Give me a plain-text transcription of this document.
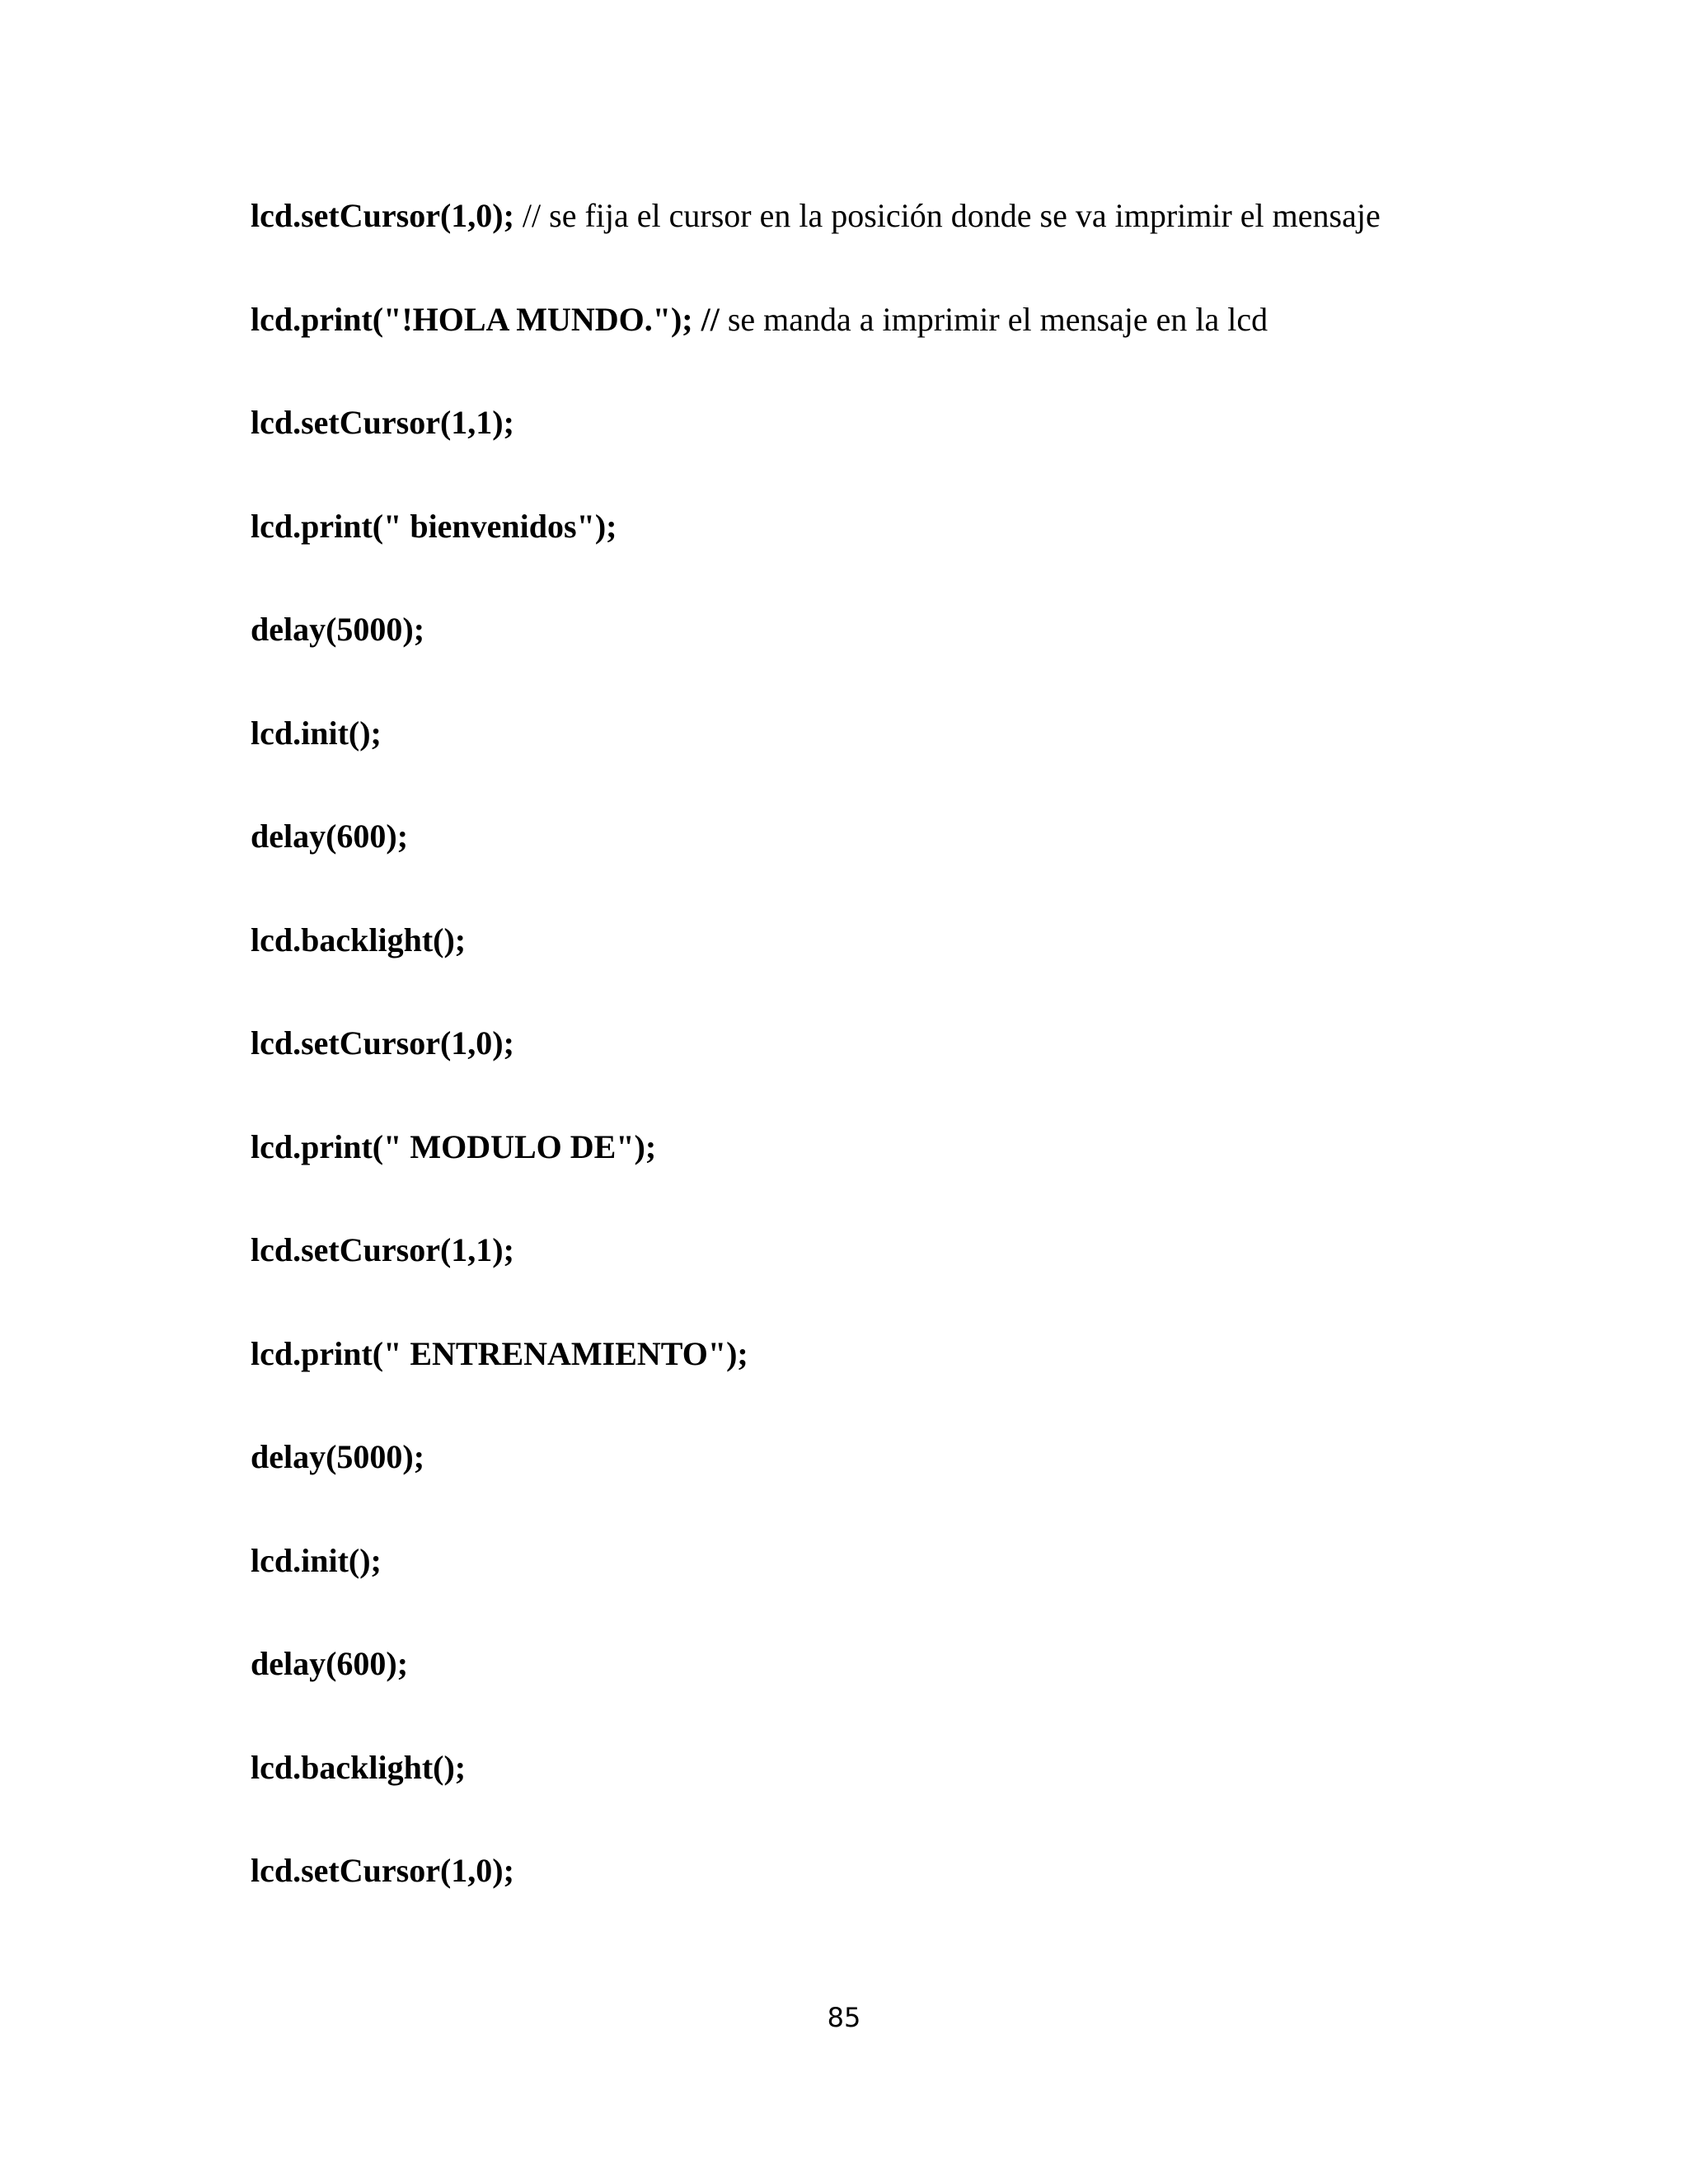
lcd.setCursor(1,0); // se fija el cursor en la posición donde se va imprimir el mensaje
lcd.print("!HOLA MUNDO."); // se manda a imprimir el mensaje en la lcd
lcd.setCursor(1,1);
lcd.print(" bienvenidos");
delay(5000);
lcd.init();
delay(600);
lcd.backlight();
lcd.setCursor(1,0);
lcd.print(" MODULO DE");
lcd.setCursor(1,1);
lcd.print(" ENTRENAMIENTO");
delay(5000);
lcd.init();
delay(600);
lcd.backlight();
lcd.setCursor(1,0);
85
